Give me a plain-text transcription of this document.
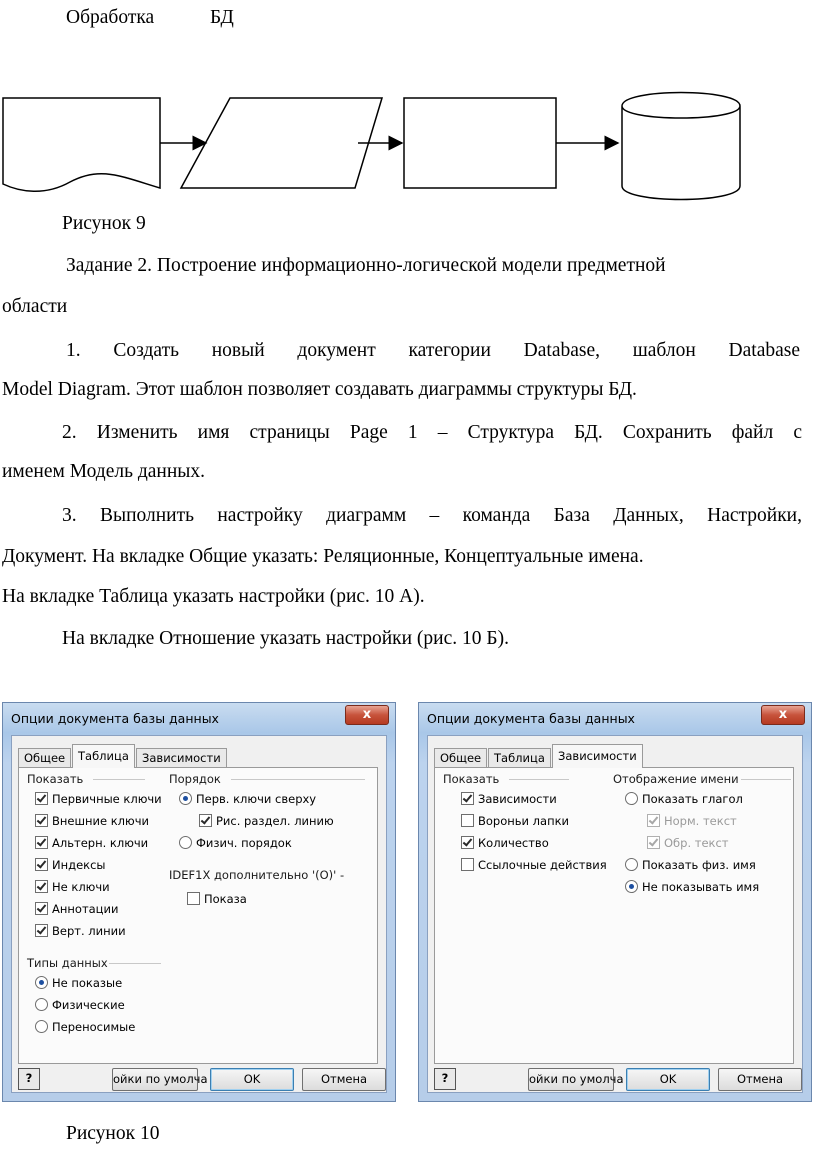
Обработка	БД
Рисунок 9
Задание 2. Построение информационно-логической модели предметной
области
1. Создать новый документ категории Database, шаблон Database
Model Diagram. Этот шаблон позволяет создавать диаграммы структуры БД.
2. Изменить имя страницы Page 1 – Структура БД. Сохранить файл с
именем Модель данных.
3. Выполнить настройку диаграмм – команда База Данных, Настройки,
Документ. На вкладке Общие указать: Реляционные, Концептуальные имена.
На вкладке Таблица указать настройки (рис. 10 А).
На вкладке Отношение указать настройки (рис. 10 Б).
Опции документа базы данных	x
Общее	Таблица	Зависимости
Показать
Первичные ключи
Внешние ключи
Альтерн. ключи
Индексы
Не ключи
Аннотации
Верт. линии
Порядок
Перв. ключи сверху
Рис. раздел. линию
Физич. порядок
IDEF1X дополнительно '(O)' -
Показа
Типы данных
Не показые
Физические
Переносимые
?	ойки по умолча	OK	Отмена
Опции документа базы данных	x
Общее	Таблица	Зависимости
Показать
Зависимости
Вороньи лапки
Количество
Ссылочные действия
Отображение имени
Показать глагол
Норм. текст
Обр. текст
Показать физ. имя
Не показывать имя
?	ойки по умолча	OK	Отмена
Рисунок 10
